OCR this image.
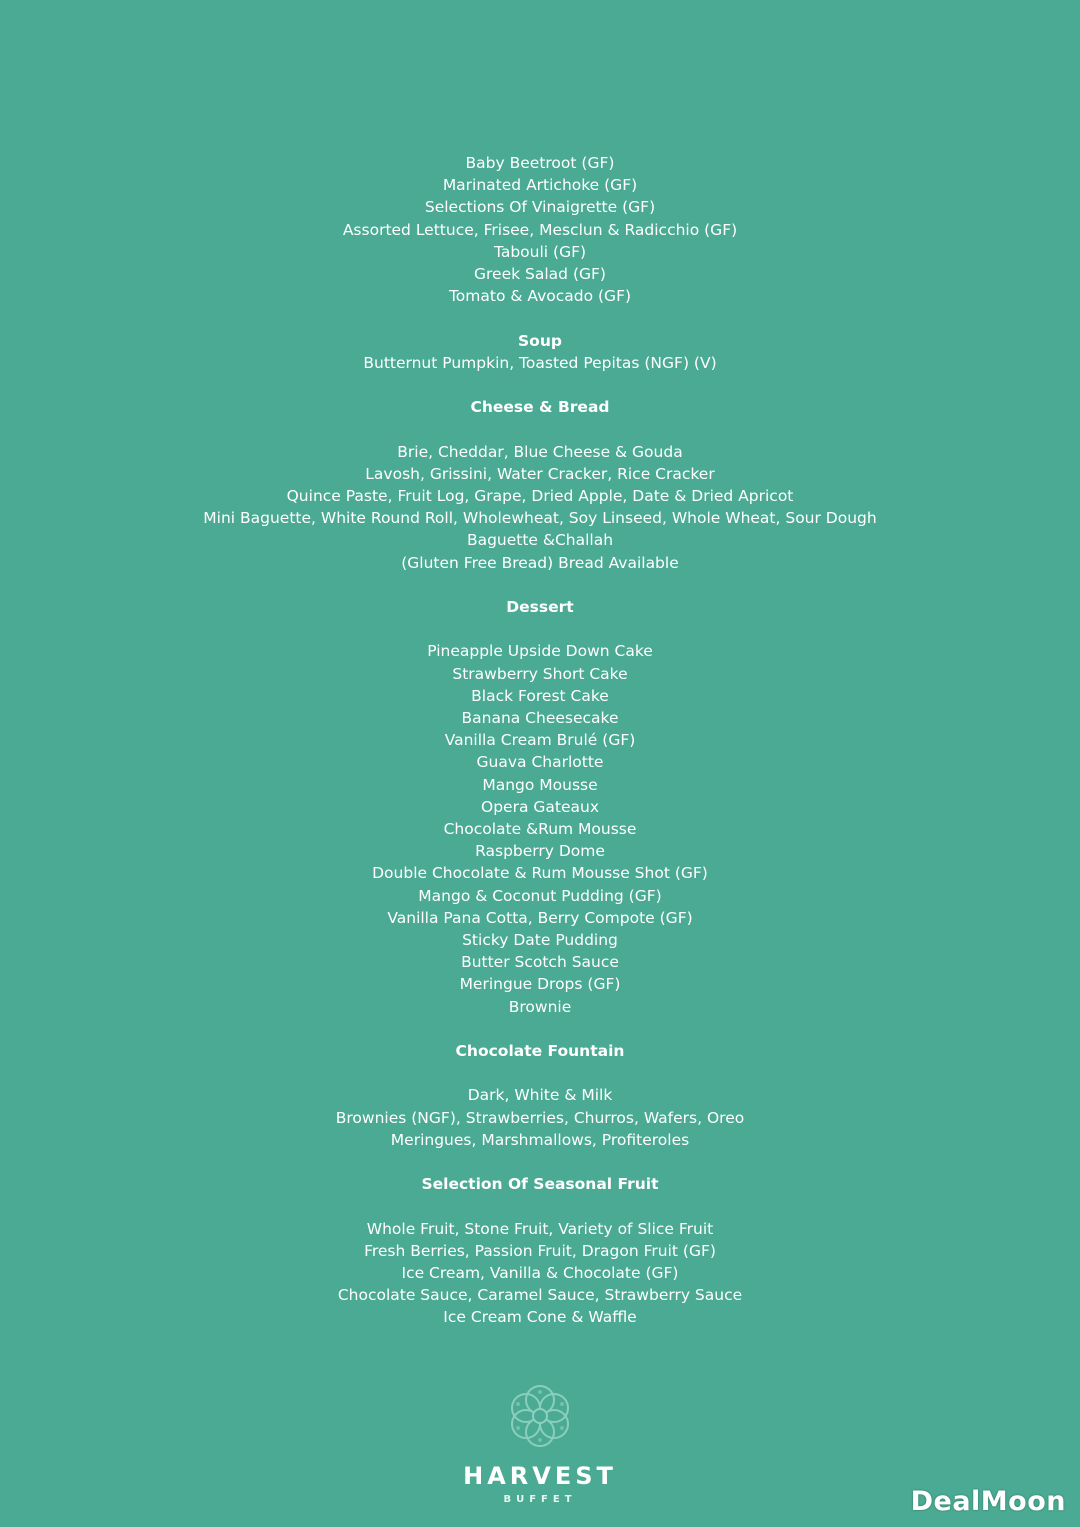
Baby Beetroot (GF)
Marinated Artichoke (GF)
Selections Of Vinaigrette (GF)
Assorted Lettuce, Frisee, Mesclun & Radicchio (GF)
Tabouli (GF)
Greek Salad (GF)
Tomato & Avocado (GF)
Soup
Butternut Pumpkin, Toasted Pepitas (NGF) (V)
Cheese & Bread
Brie, Cheddar, Blue Cheese & Gouda
Lavosh, Grissini, Water Cracker, Rice Cracker
Quince Paste, Fruit Log, Grape, Dried Apple, Date & Dried Apricot
Mini Baguette, White Round Roll, Wholewheat, Soy Linseed, Whole Wheat, Sour Dough
Baguette &Challah
(Gluten Free Bread) Bread Available
Dessert
Pineapple Upside Down Cake
Strawberry Short Cake
Black Forest Cake
Banana Cheesecake
Vanilla Cream Brulé (GF)
Guava Charlotte
Mango Mousse
Opera Gateaux
Chocolate &Rum Mousse
Raspberry Dome
Double Chocolate & Rum Mousse Shot (GF)
Mango & Coconut Pudding (GF)
Vanilla Pana Cotta, Berry Compote (GF)
Sticky Date Pudding
Butter Scotch Sauce
Meringue Drops (GF)
Brownie
Chocolate Fountain
Dark, White & Milk
Brownies (NGF), Strawberries, Churros, Wafers, Oreo
Meringues, Marshmallows, Profiteroles
Selection Of Seasonal Fruit
Whole Fruit, Stone Fruit, Variety of Slice Fruit
Fresh Berries, Passion Fruit, Dragon Fruit (GF)
Ice Cream, Vanilla & Chocolate (GF)
Chocolate Sauce, Caramel Sauce, Strawberry Sauce
Ice Cream Cone & Waffle
HARVEST
BUFFET	DealMoon
